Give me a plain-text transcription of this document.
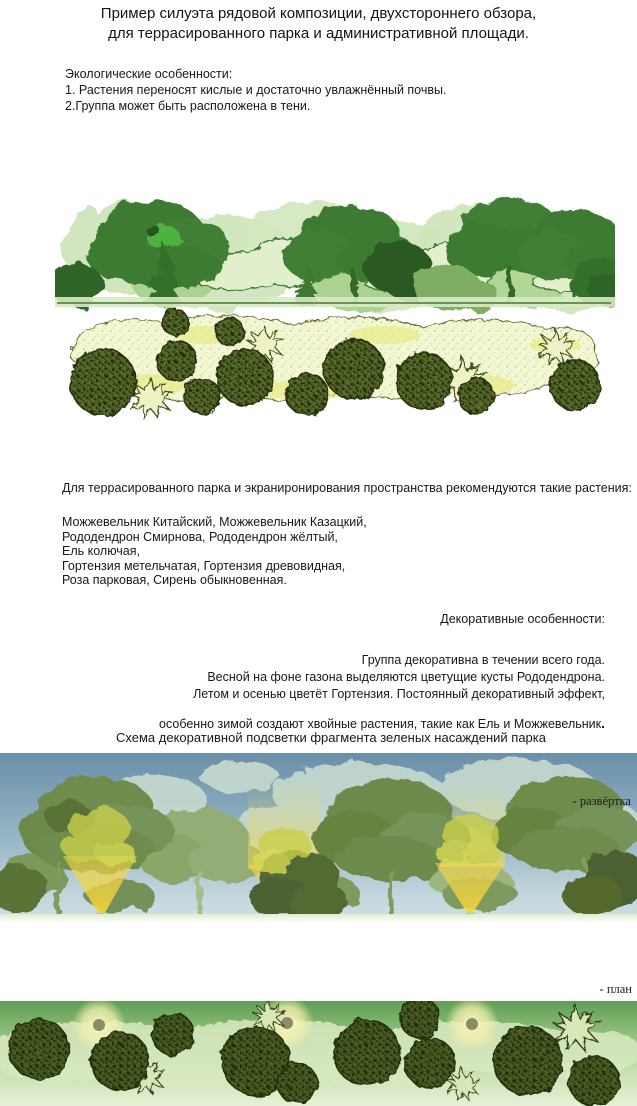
Пример силуэта рядовой композиции, двухстороннего обзора,
для террасированного парка и административной площади.
Экологические особенности:
1. Растения переносят кислые и достаточно увлажнённый почвы.
2.Группа может быть расположена в тени.
Для террасированного парка и экраниронирования пространства рекомендуются такие растения:
Можжевельник Китайский, Можжевельник Казацкий,
Рододендрон Смирнова, Рододендрон жёлтый,
Ель колючая,
Гортензия метельчатая, Гортензия древовидная,
Роза парковая, Сирень обыкновенная.
Декоративные особенности:
Группа декоративна в течении всего года.
Весной на фоне газона выделяются цветущие кусты Рододендрона.
Летом и осенью цветёт Гортензия. Постоянный декоративный эффект,
особенно зимой создают хвойные растения, такие как Ель и Можжевельник.
Схема декоративной подсветки фрагмента зеленых насаждений парка
- развёртка
- план
